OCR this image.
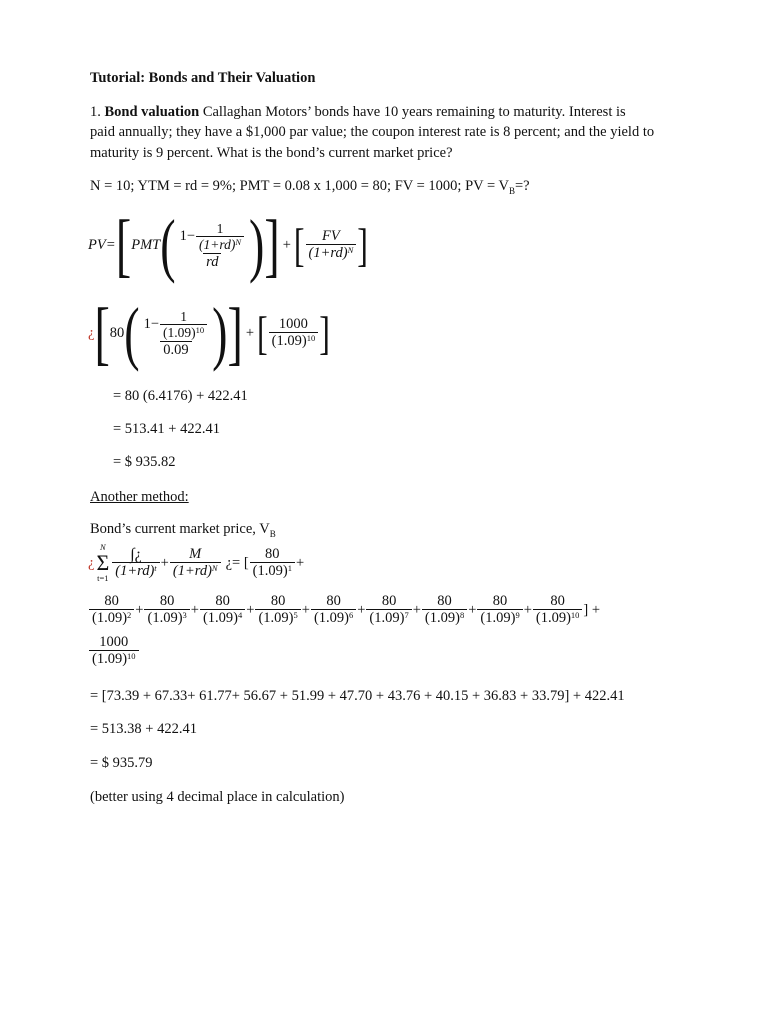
Tutorial: Bonds and Their Valuation
1. Bond valuation Callaghan Motors’ bonds have 10 years remaining to maturity. Interest is
paid annually; they have a $1,000 par value; the coupon interest rate is 8 percent; and the yield to
maturity is 9 percent. What is the bond’s current market price?
N = 10; YTM = rd = 9%; PMT = 0.08 x 1,000 = 80; FV = 1000; PV = $V_B=$?
PV = [ PMT ( $\frac{1- \frac{1}{(1+rd)^N}}{rd}$ ) ] + [ $\frac{FV}{(1+rd)^N}$ ]
¿ [ 80 ( $\frac{1- \frac{1}{(1.09)^{10}}}{0.09}$ ) ] + [ $\frac{1000}{(1.09)^{10}}$ ]
= 80 (6.4176) + 422.41
= 513.41 + 422.41
= $ 935.82
Another method:
Bond’s current market price, $V_B$
¿
N
Σ
$t=1 \frac{\int¿}{(1+rd)^t} + \frac{M}{(1+rd)^N}$ ¿= [ $\frac{80}{(1.09)^1}$ +
$\frac{80}{(1.09)^2} + \frac{80}{(1.09)^3} + \frac{80}{(1.09)^4} + \frac{80}{(1.09)^5} + \frac{80}{(1.09)^6} + \frac{80}{(1.09)^7} + \frac{80}{(1.09)^8} + \frac{80}{(1.09)^9} + \frac{80}{(1.09)^{10}}$ ] +
$\frac{1000}{(1.09)^{10}}$
= [73.39 + 67.33+ 61.77+ 56.67 + 51.99 + 47.70 + 43.76 + 40.15 + 36.83 + 33.79] + 422.41
= 513.38 + 422.41
= $ 935.79
(better using 4 decimal place in calculation)
